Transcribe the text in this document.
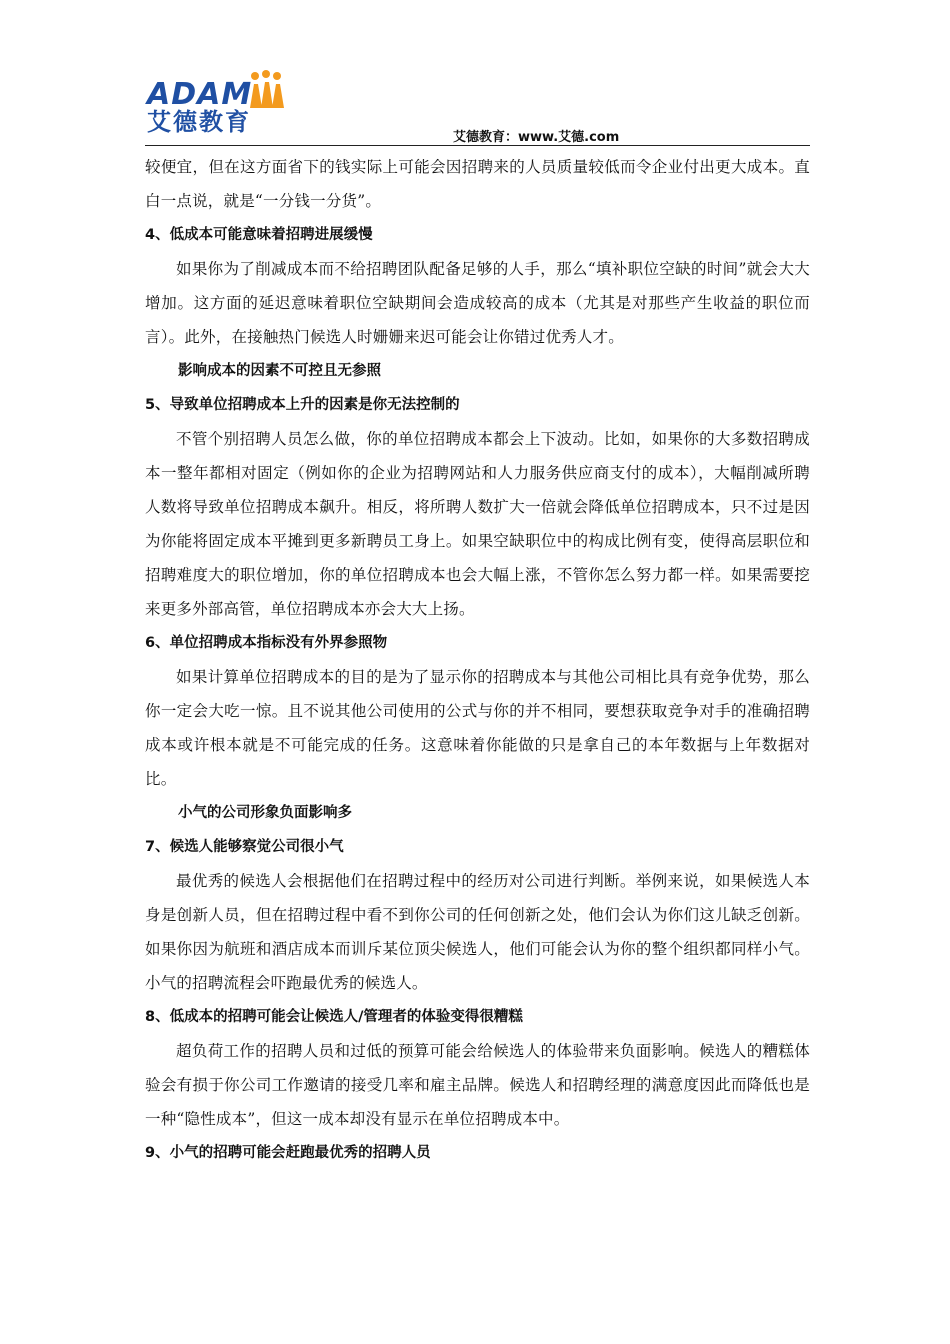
ADAM
艾德教育
艾德教育：www.艾德.com

较便宜，但在这方面省下的钱实际上可能会因招聘来的人员质量较低而令企业付出更大成本。直白一点说，就是“一分钱一分货”。

4、低成本可能意味着招聘进展缓慢

如果你为了削减成本而不给招聘团队配备足够的人手，那么“填补职位空缺的时间”就会大大增加。这方面的延迟意味着职位空缺期间会造成较高的成本（尤其是对那些产生收益的职位而言）。此外，在接触热门候选人时姗姗来迟可能会让你错过优秀人才。

影响成本的因素不可控且无参照

5、导致单位招聘成本上升的因素是你无法控制的

不管个别招聘人员怎么做，你的单位招聘成本都会上下波动。比如，如果你的大多数招聘成本一整年都相对固定（例如你的企业为招聘网站和人力服务供应商支付的成本），大幅削减所聘人数将导致单位招聘成本飙升。相反，将所聘人数扩大一倍就会降低单位招聘成本，只不过是因为你能将固定成本平摊到更多新聘员工身上。如果空缺职位中的构成比例有变，使得高层职位和招聘难度大的职位增加，你的单位招聘成本也会大幅上涨，不管你怎么努力都一样。如果需要挖来更多外部高管，单位招聘成本亦会大大上扬。

6、单位招聘成本指标没有外界参照物

如果计算单位招聘成本的目的是为了显示你的招聘成本与其他公司相比具有竞争优势，那么你一定会大吃一惊。且不说其他公司使用的公式与你的并不相同，要想获取竞争对手的准确招聘成本或许根本就是不可能完成的任务。这意味着你能做的只是拿自己的本年数据与上年数据对比。

小气的公司形象负面影响多

7、候选人能够察觉公司很小气

最优秀的候选人会根据他们在招聘过程中的经历对公司进行判断。举例来说，如果候选人本身是创新人员，但在招聘过程中看不到你公司的任何创新之处，他们会认为你们这儿缺乏创新。如果你因为航班和酒店成本而训斥某位顶尖候选人，他们可能会认为你的整个组织都同样小气。小气的招聘流程会吓跑最优秀的候选人。

8、低成本的招聘可能会让候选人/管理者的体验变得很糟糕

超负荷工作的招聘人员和过低的预算可能会给候选人的体验带来负面影响。候选人的糟糕体验会有损于你公司工作邀请的接受几率和雇主品牌。候选人和招聘经理的满意度因此而降低也是一种“隐性成本”，但这一成本却没有显示在单位招聘成本中。

9、小气的招聘可能会赶跑最优秀的招聘人员
